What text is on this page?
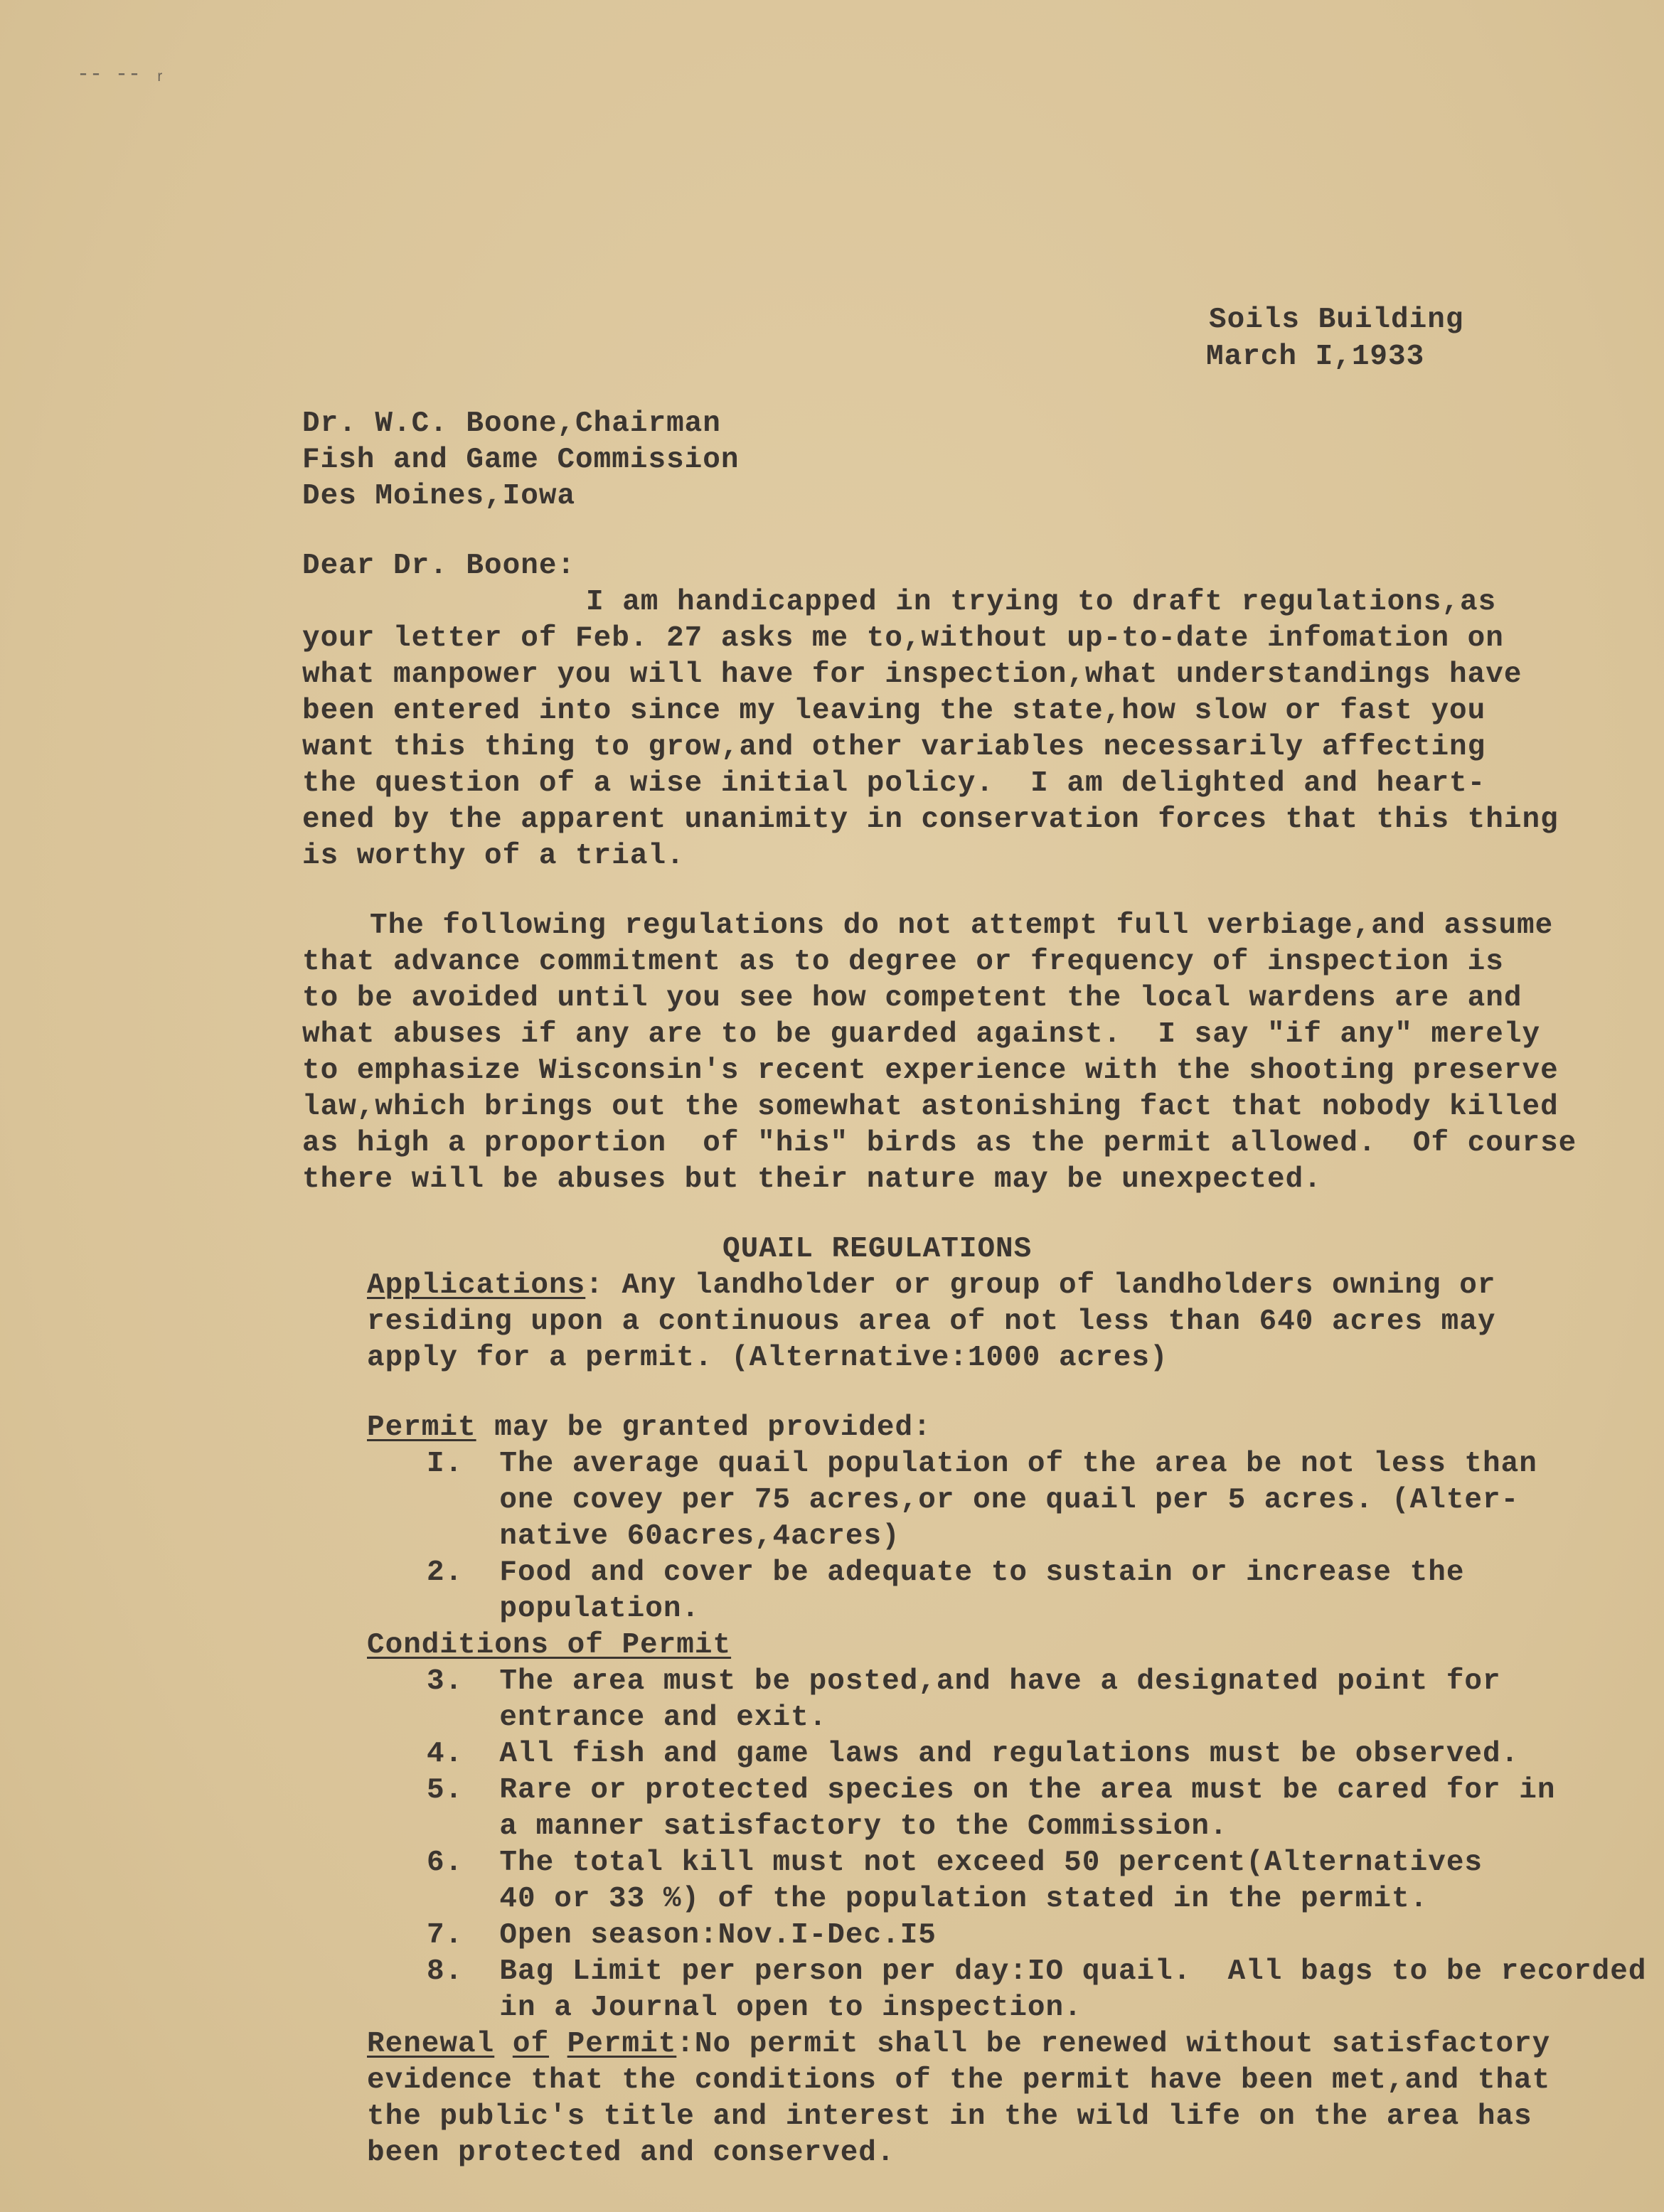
-- -- ᵣ
Soils Building
March I,1933
Dr. W.C. Boone,Chairman
Fish and Game Commission
Des Moines,Iowa
Dear Dr. Boone:
I am handicapped in trying to draft regulations,as
your letter of Feb. 27 asks me to,without up-to-date infomation on
what manpower you will have for inspection,what understandings have
been entered into since my leaving the state,how slow or fast you
want this thing to grow,and other variables necessarily affecting
the question of a wise initial policy.  I am delighted and heart-
ened by the apparent unanimity in conservation forces that this thing
is worthy of a trial.
The following regulations do not attempt full verbiage,and assume
that advance commitment as to degree or frequency of inspection is
to be avoided until you see how competent the local wardens are and
what abuses if any are to be guarded against.  I say "if any" merely
to emphasize Wisconsin's recent experience with the shooting preserve
law,which brings out the somewhat astonishing fact that nobody killed
as high a proportion  of "his" birds as the permit allowed.  Of course
there will be abuses but their nature may be unexpected.
QUAIL REGULATIONS
Applications: Any landholder or group of landholders owning or
residing upon a continuous area of not less than 640 acres may
apply for a permit. (Alternative:1000 acres)
Permit may be granted provided:
I.  The average quail population of the area be not less than
one covey per 75 acres,or one quail per 5 acres. (Alter-
native 60acres,4acres)
2.  Food and cover be adequate to sustain or increase the
population.
Conditions of Permit
3.  The area must be posted,and have a designated point for
entrance and exit.
4.  All fish and game laws and regulations must be observed.
5.  Rare or protected species on the area must be cared for in
a manner satisfactory to the Commission.
6.  The total kill must not exceed 50 percent(Alternatives
40 or 33 %) of the population stated in the permit.
7.  Open season:Nov.I-Dec.I5
8.  Bag Limit per person per day:IO quail.  All bags to be recorded
in a Journal open to inspection.
Renewal of Permit:No permit shall be renewed without satisfactory
evidence that the conditions of the permit have been met,and that
the public's title and interest in the wild life on the area has
been protected and conserved.
